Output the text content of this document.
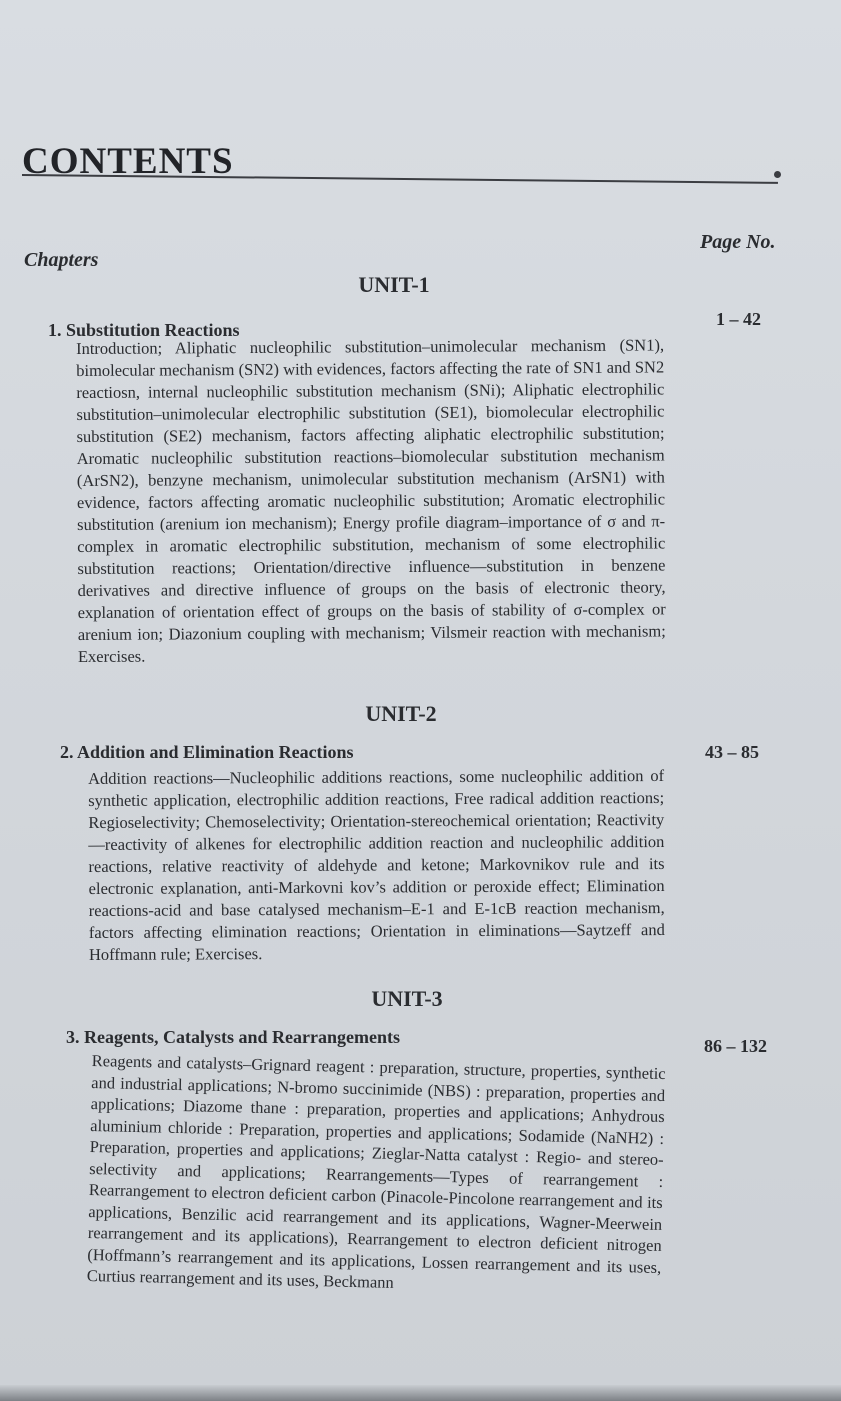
CONTENTS
Chapters
Page No.
UNIT-1
1. Substitution Reactions
1 – 42

Introduction; Aliphatic nucleophilic substitution–unimolecular mechanism (SN1), bimolecular mechanism (SN2) with evidences, factors affecting the rate of SN1 and SN2 reactiosn, internal nucleophilic substitution mechanism (SNi); Aliphatic electrophilic substitution–unimolecular electrophilic substitution (SE1), biomolecular electrophilic substitution (SE2) mechanism, factors affecting aliphatic electrophilic substitution; Aromatic nucleophilic substitution reactions–biomolecular substitution mechanism (ArSN2), benzyne mechanism, unimolecular substitution mechanism (ArSN1) with evidence, factors affecting aromatic nucleophilic substitution; Aromatic electrophilic substitution (arenium ion mechanism); Energy profile diagram–importance of σ and π-complex in aromatic electrophilic substitution, mechanism of some electrophilic substitution reactions; Orientation/directive influence—substitution in benzene derivatives and directive influence of groups on the basis of electronic theory, explanation of orientation effect of groups on the basis of stability of σ-complex or arenium ion; Diazonium coupling with mechanism; Vilsmeir reaction with mechanism; Exercises.

UNIT-2
2. Addition and Elimination Reactions	43 – 85

Addition reactions—Nucleophilic additions reactions, some nucleophilic addition of synthetic application, electrophilic addition reactions, Free radical addition reactions; Regioselectivity; Chemoselectivity; Orientation-stereochemical orientation; Reactivity—reactivity of alkenes for electrophilic addition reaction and nucleophilic addition reactions, relative reactivity of aldehyde and ketone; Markovnikov rule and its electronic explanation, anti-Markovni kov’s addition or peroxide effect; Elimination reactions-acid and base catalysed mechanism–E-1 and E-1cB reaction mechanism, factors affecting elimination reactions; Orientation in eliminations—Saytzeff and Hoffmann rule; Exercises.

UNIT-3
3. Reagents, Catalysts and Rearrangements	86 – 132

Reagents and catalysts–Grignard reagent : preparation, structure, properties, synthetic and industrial applications; N-bromo succinimide (NBS) : preparation, properties and applications; Diazome thane : preparation, properties and applications; Anhydrous aluminium chloride : Preparation, properties and applications; Sodamide (NaNH2) : Preparation, properties and applications; Zieglar-Natta catalyst : Regio- and stereo-selectivity and applications; Rearrangements—Types of rearrangement : Rearrangement to electron deficient carbon (Pinacole-Pincolone rearrangement and its applications, Benzilic acid rearrangement and its applications, Wagner-Meerwein rearrangement and its applications), Rearrangement to electron deficient nitrogen (Hoffmann’s rearrangement and its applications, Lossen rearrangement and its uses, Curtius rearrangement and its uses, Beckmann
